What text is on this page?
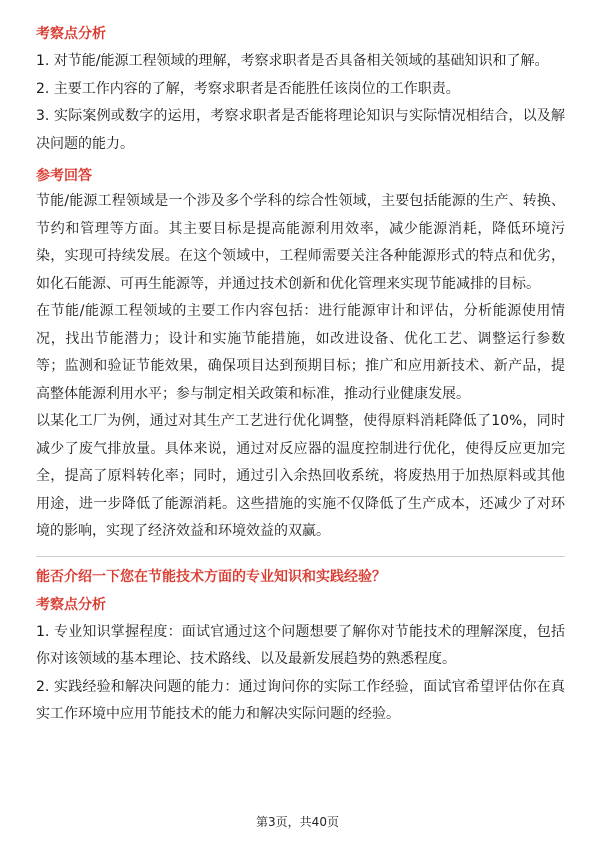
考察点分析

1. 对节能/能源工程领域的理解，考察求职者是否具备相关领域的基础知识和了解。

2. 主要工作内容的了解，考察求职者是否能胜任该岗位的工作职责。

3. 实际案例或数字的运用，考察求职者是否能将理论知识与实际情况相结合，以及解决问题的能力。

参考回答

节能/能源工程领域是一个涉及多个学科的综合性领域，主要包括能源的生产、转换、节约和管理等方面。其主要目标是提高能源利用效率，减少能源消耗，降低环境污染，实现可持续发展。在这个领域中，工程师需要关注各种能源形式的特点和优劣，如化石能源、可再生能源等，并通过技术创新和优化管理来实现节能减排的目标。

在节能/能源工程领域的主要工作内容包括：进行能源审计和评估，分析能源使用情况，找出节能潜力；设计和实施节能措施，如改进设备、优化工艺、调整运行参数等；监测和验证节能效果，确保项目达到预期目标；推广和应用新技术、新产品，提高整体能源利用水平；参与制定相关政策和标准，推动行业健康发展。

以某化工厂为例，通过对其生产工艺进行优化调整，使得原料消耗降低了10%，同时减少了废气排放量。具体来说，通过对反应器的温度控制进行优化，使得反应更加完全，提高了原料转化率；同时，通过引入余热回收系统，将废热用于加热原料或其他用途，进一步降低了能源消耗。这些措施的实施不仅降低了生产成本，还减少了对环境的影响，实现了经济效益和环境效益的双赢。

能否介绍一下您在节能技术方面的专业知识和实践经验？

考察点分析

1. 专业知识掌握程度：面试官通过这个问题想要了解你对节能技术的理解深度，包括你对该领域的基本理论、技术路线、以及最新发展趋势的熟悉程度。

2. 实践经验和解决问题的能力：通过询问你的实际工作经验，面试官希望评估你在真实工作环境中应用节能技术的能力和解决实际问题的经验。

第3页，共40页
